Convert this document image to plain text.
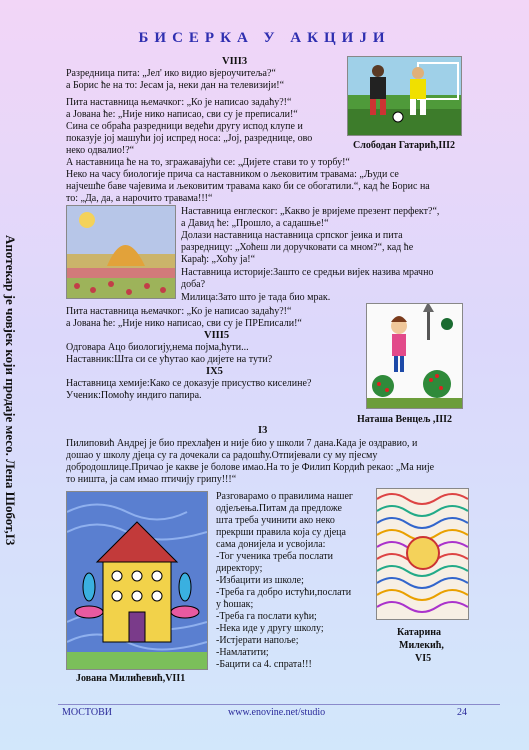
БИСЕРКА У АКЦИЈИ
Апотекар је човјек који продаје месо. Лена Шобот,I3
Слободан Гатарић,III2
VIII3
Разредница пита: „Јел' ико видио вјероучитеља?“
а Борис ће на то: Јесам ја, неки дан на телевизији!“
Пита наставница њемачког: „Ко је написао задаћу?!“
а Јована ће: „Није нико написао, сви су је преписали!“
Сина се обраћа разредници ведећи другу испод клупе и
показује јој машући јој испред носа: „Јој, разреднице, ово
неко одвалио!?“
А наставница ће на то, згражавајући се: „Дијете стави то у торбу!“
Неко на часу биологије прича са наставником о љековитим травама: „Људи се
најчешће баве чајевима и љековитим травама како би се обогатили.“, кад ће Борис на
то: „Да, да, а нарочито травама!!!“
Наставница енглеског: „Какво је вријеме презент перфект?“,
а Давид ће: „Прошло, а садашње!“
Долази наставница наставница српског јеика и пита
разредницу: „Хоћеш ли доручковати са мном?“, кад ће
Карађ: „Хоћу ја!“
Наставница историје:Зашто се средњи вијек назива мрачно
доба?
Милица:Зато што је тада био мрак.
Пита наставница њемачког: „Ко је написао задаћу?!“
а Јована ће: „Није нико написао, сви су је ПРЕписали!“
Наташа Венцељ ,III2
VIII5
Одговара Ацо биологију,нема појма,ћути...
Наставник:Шта си се ућутао као дијете на тути?
IX5
Наставница хемије:Како се доказује присуство киселине?
Ученик:Помоћу индиго папира.
I3
Пилиповић Андреј је био прехлађен и није био у школи 7 дана.Када је оздравио, и
дошао у школу дјеца су га дочекали са радошћу.Отпијевали су му пјесму
добродошлице.Причао је какве је болове имао.На то је Филип Кордић рекао: „Ма није
то ништа, ја сам имао птичију грипу!!!“
Јована Милићевић,VII1
Разговарамо о правилима нашег
одјељења.Питам да предложе
шта треба учинити ако неко
прекрши правила која су дјеца
сама донијела и усвојила:
-Тог ученика треба послати
директору;
-Избацити из школе;
-Треба га добро истући,послати
у ћошак;
-Треба га послати кући;
-Нека иде у другу школу;
-Истјерати напоље;
-Намлатити;
-Бацити са 4. спрата!!!
Катарина
Милекић,
VI5
МОСТОВИ	www.enovine.net/studio	24
